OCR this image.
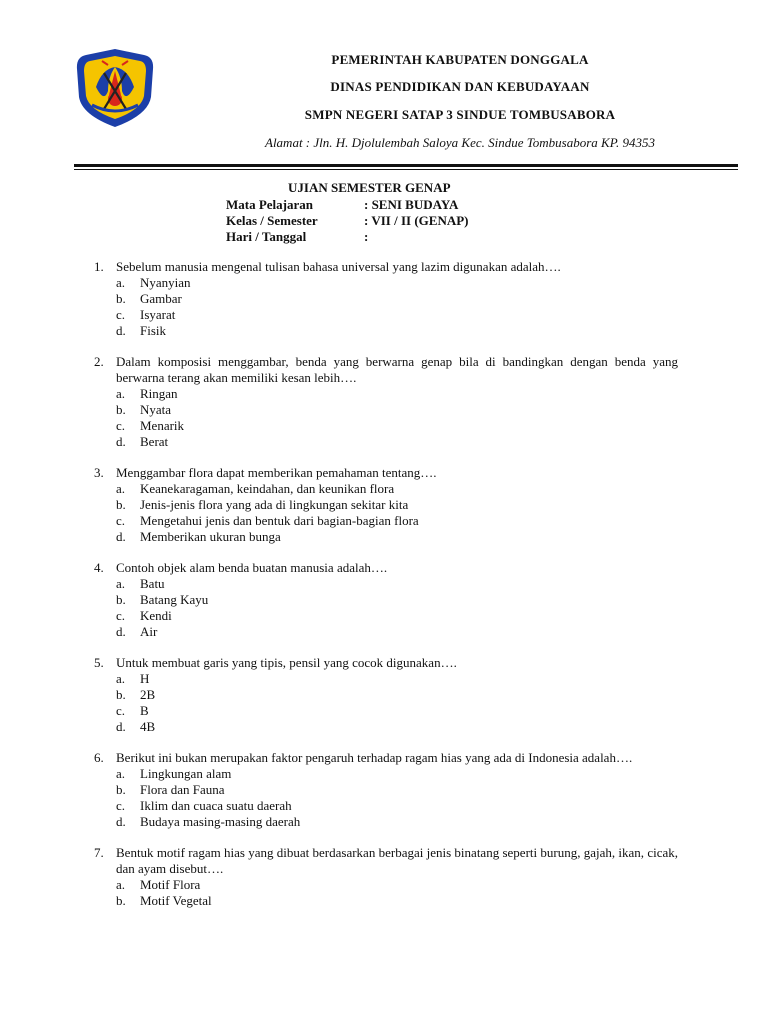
PEMERINTAH KABUPATEN DONGGALA
DINAS PENDIDIKAN DAN KEBUDAYAAN
SMPN NEGERI SATAP 3 SINDUE TOMBUSABORA
Alamat : Jln. H. Djolulembah Saloya Kec. Sindue Tombusabora KP. 94353
UJIAN SEMESTER GENAP
Mata Pelajaran	: SENI BUDAYA
Kelas / Semester	: VII / II (GENAP)
Hari / Tanggal	:
1. Sebelum manusia mengenal tulisan bahasa universal yang lazim digunakan adalah….
a.	Nyanyian
b.	Gambar
c.	Isyarat
d.	Fisik
2. Dalam komposisi menggambar, benda yang berwarna genap bila di bandingkan dengan benda yang berwarna terang akan memiliki kesan lebih….
a.	Ringan
b.	Nyata
c.	Menarik
d.	Berat
3. Menggambar flora dapat memberikan pemahaman tentang….
a.	Keanekaragaman, keindahan, dan keunikan flora
b.	Jenis-jenis flora yang ada di lingkungan sekitar kita
c.	Mengetahui jenis dan bentuk dari bagian-bagian flora
d.	Memberikan ukuran bunga
4. Contoh objek alam benda buatan manusia adalah….
a.	Batu
b.	Batang Kayu
c.	Kendi
d.	Air
5. Untuk membuat garis yang tipis, pensil yang cocok digunakan….
a.	H
b.	2B
c.	B
d.	4B
6. Berikut ini bukan merupakan faktor pengaruh terhadap ragam hias yang ada di Indonesia adalah….
a.	Lingkungan alam
b.	Flora dan Fauna
c.	Iklim dan cuaca suatu daerah
d.	Budaya masing-masing daerah
7. Bentuk motif ragam hias yang dibuat berdasarkan berbagai jenis binatang seperti burung, gajah, ikan, cicak, dan ayam disebut….
a.	Motif Flora
b.	Motif Vegetal
